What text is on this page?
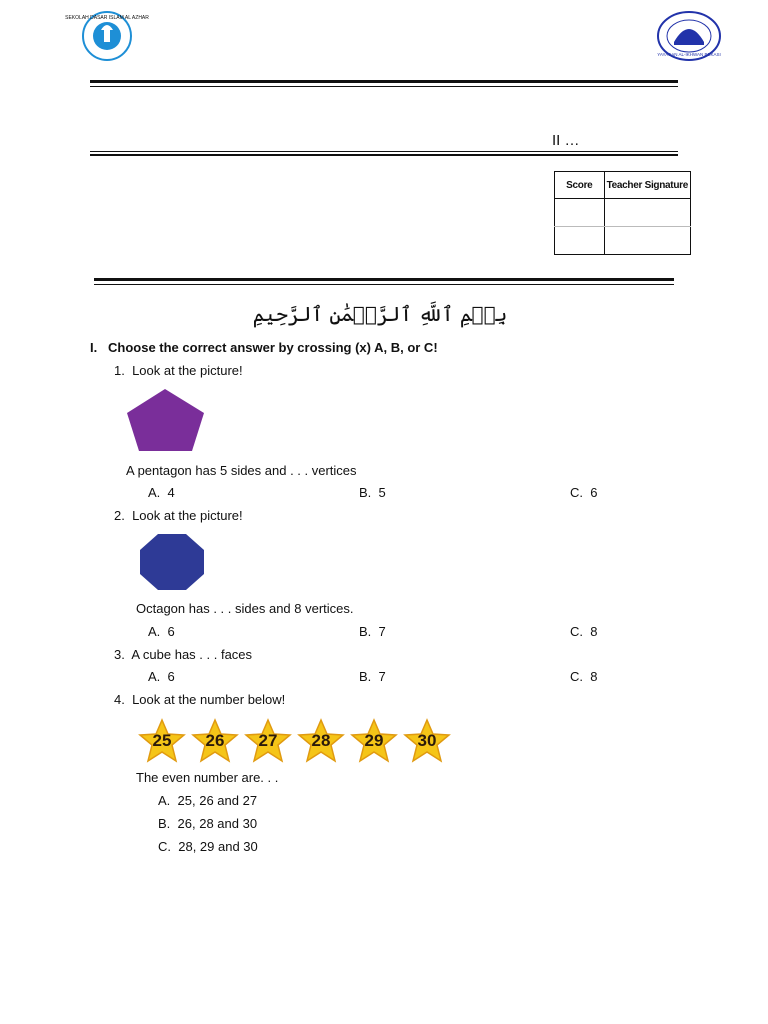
SEKOLAH DASAR ISLAM AL AZHAR
YAYASAN AL-IKHWAN BEKASI
II …
Score	Teacher Signature

بِسۡمِ ٱللَّهِ ٱلرَّحۡمَٰنِ ٱلرَّحِيمِ
I. Choose the correct answer by crossing (x) A, B, or C!
1. Look at the picture!
A pentagon has 5 sides and . . . vertices
A. 4	B. 5	C. 6
2. Look at the picture!
Octagon has . . . sides and 8 vertices.
A. 6	B. 7	C. 8
3. A cube has . . . faces
A. 6	B. 7	C. 8
4. Look at the number below!
25	26	27	28	29	30
The even number are. . .
A. 25, 26 and 27
B. 26, 28 and 30
C. 28, 29 and 30
